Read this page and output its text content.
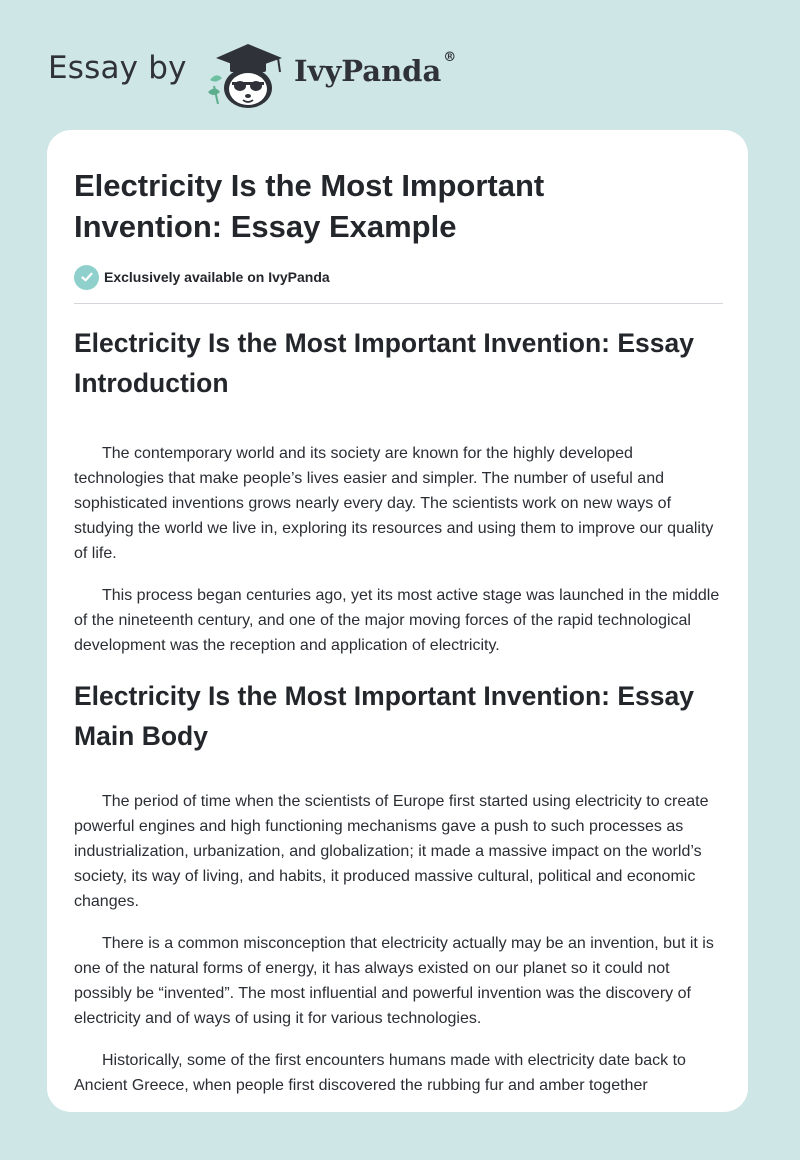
Essay by	IvyPanda ®
Electricity Is the Most Important Invention: Essay Example
Exclusively available on IvyPanda
Electricity Is the Most Important Invention: Essay Introduction

The contemporary world and its society are known for the highly developed technologies that make people’s lives easier and simpler. The number of useful and sophisticated inventions grows nearly every day. The scientists work on new ways of studying the world we live in, exploring its resources and using them to improve our quality of life.

This process began centuries ago, yet its most active stage was launched in the middle of the nineteenth century, and one of the major moving forces of the rapid technological development was the reception and application of electricity.

Electricity Is the Most Important Invention: Essay Main Body

The period of time when the scientists of Europe first started using electricity to create powerful engines and high functioning mechanisms gave a push to such processes as industrialization, urbanization, and globalization; it made a massive impact on the world’s society, its way of living, and habits, it produced massive cultural, political and economic changes.

There is a common misconception that electricity actually may be an invention, but it is one of the natural forms of energy, it has always existed on our planet so it could not possibly be “invented”. The most influential and powerful invention was the discovery of electricity and of ways of using it for various technologies.

Historically, some of the first encounters humans made with electricity date back to Ancient Greece, when people first discovered the rubbing fur and amber together
